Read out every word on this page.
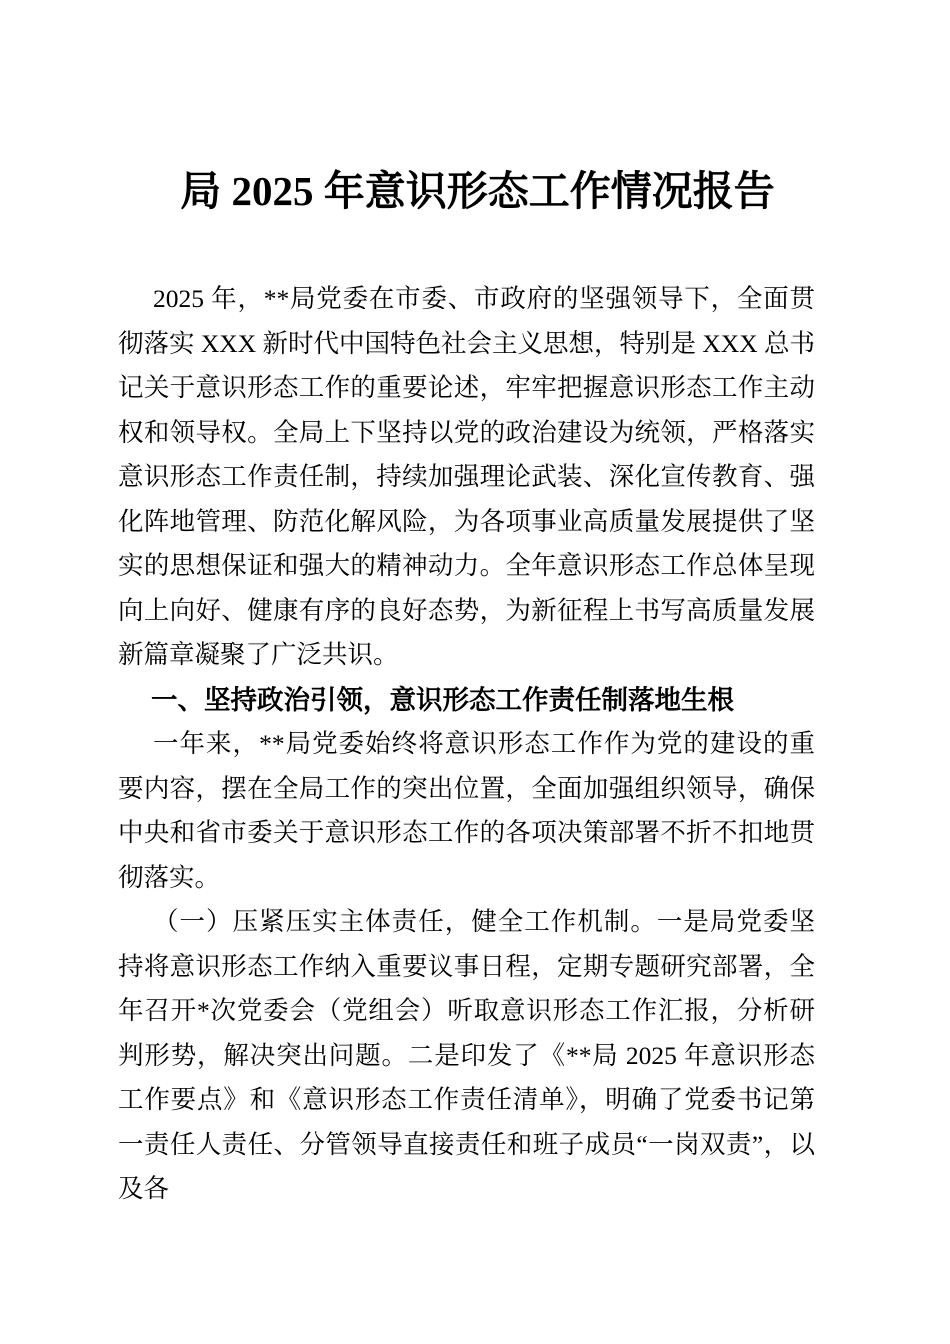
局 2025 年意识形态工作情况报告

2025 年，**局党委在市委、市政府的坚强领导下，全面贯彻落实 XXX 新时代中国特色社会主义思想，特别是 XXX 总书记关于意识形态工作的重要论述，牢牢把握意识形态工作主动权和领导权。全局上下坚持以党的政治建设为统领，严格落实意识形态工作责任制，持续加强理论武装、深化宣传教育、强化阵地管理、防范化解风险，为各项事业高质量发展提供了坚实的思想保证和强大的精神动力。全年意识形态工作总体呈现向上向好、健康有序的良好态势，为新征程上书写高质量发展新篇章凝聚了广泛共识。

一、坚持政治引领，意识形态工作责任制落地生根

一年来，**局党委始终将意识形态工作作为党的建设的重要内容，摆在全局工作的突出位置，全面加强组织领导，确保中央和省市委关于意识形态工作的各项决策部署不折不扣地贯彻落实。

（一）压紧压实主体责任，健全工作机制。一是局党委坚持将意识形态工作纳入重要议事日程，定期专题研究部署，全年召开*次党委会（党组会）听取意识形态工作汇报，分析研判形势，解决突出问题。二是印发了《**局 2025 年意识形态工作要点》和《意识形态工作责任清单》，明确了党委书记第一责任人责任、分管领导直接责任和班子成员“一岗双责”，以及各
